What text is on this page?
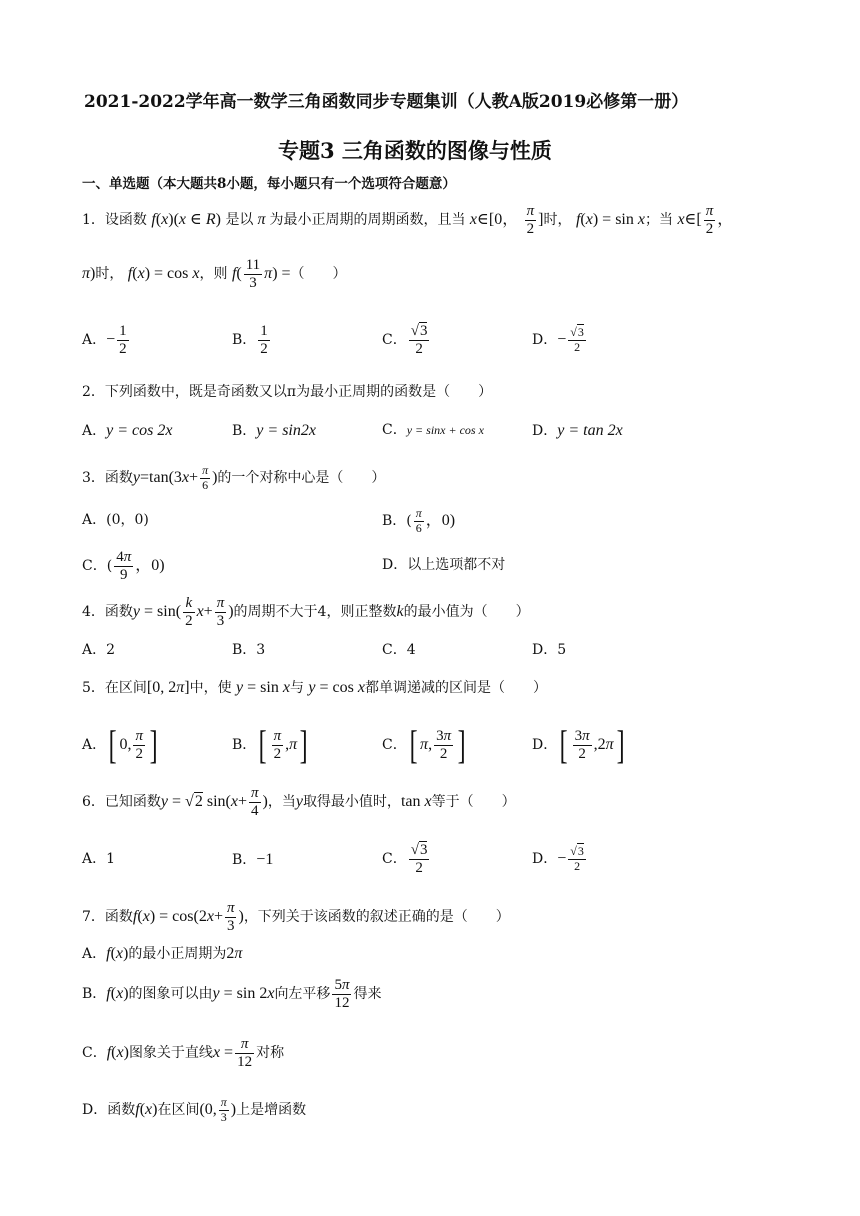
2021-2022学年高一数学三角函数同步专题集训（人教A版2019必修第一册）
专题3 三角函数的图像与性质
一、单选题（本大题共8小题，每小题只有一个选项符合题意）
1．设函数 f(x)(x ∈ R) 是以 π 为最小正周期的周期函数，且当 x∈[0， $\frac{\pi}{2}$ ]时， f(x) = sin x；当 x∈[ $\frac{\pi}{2}$ ，
π)时， f(x) = cos x，则 $f( \frac{11}{3} \pi)$ =（　　）
A．− $\frac{1}{2}$	B． $\frac{1}{2}$	C． $\frac{√3}{2}$	D．− $\frac{√3}{2}$
2．下列函数中，既是奇函数又以π为最小正周期的函数是（　　）
A．y = cos 2x	B．y = sin2x	C．y = sinx + cos x	D．y = tan 2x
3．函数$y=\tan(3x+ \frac{\pi}{6}$ )的一个对称中心是（　　）
A．(0，0)	B．( $\frac{\pi}{6}$ ，0)
C．( $\frac{4\pi}{9}$ ，0)	D．以上选项都不对
4．函数$y = \sin( \frac{k}{2} x+ \frac{\pi}{3}$ )的周期不大于4，则正整数k的最小值为（　　）
A．2	B．3	C．4	D．5
5．在区间[0, 2π]中，使 y = sin x与 y = cos x都单调递减的区间是（　　）
A．[ 0, $\frac{\pi}{2}$ ]	B．[ $\frac{\pi}{2} ,\pi$]	C．[ π, $\frac{3\pi}{2}$ ]	D．[ $\frac{3\pi}{2} ,2\pi$]
6．已知函数y = √2 $\sin(x+ \frac{\pi}{4}$ )，当y取得最小值时，tan x等于（　　）
A．1	B．−1	C． $\frac{√3}{2}$	D．− $\frac{√3}{2}$
7．函数$f(x) = \cos(2x+ \frac{\pi}{3}$ )，下列关于该函数的叙述正确的是（　　）
A．f(x)的最小正周期为2π
B．f(x)的图象可以由y = sin 2x向左平移 $\frac{5\pi}{12}$ 得来
C．f(x)图象关于直线$x = \frac{\pi}{12}$ 对称
D．函数f(x)在区间(0, $\frac{\pi}{3}$ )上是增函数
